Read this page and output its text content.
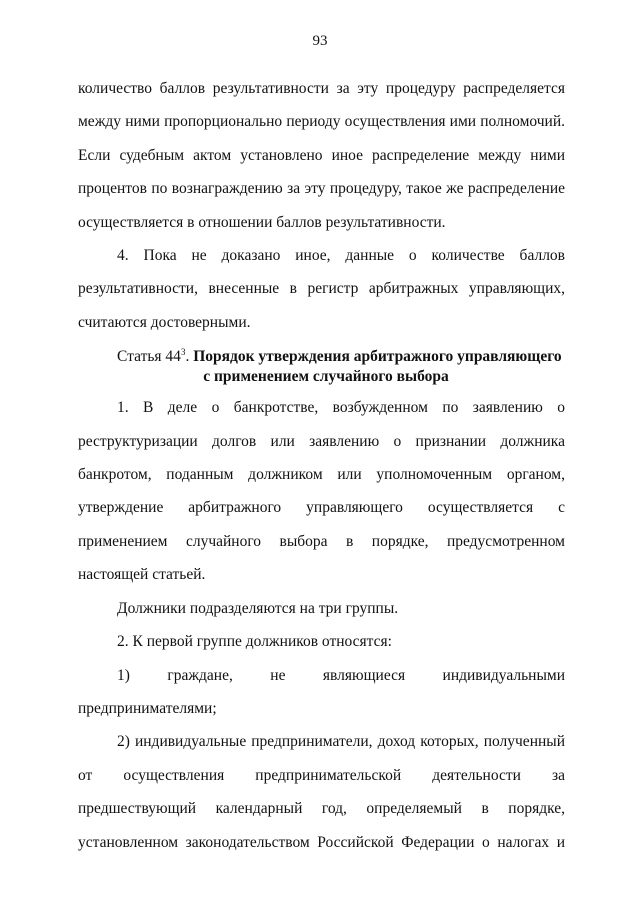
93

количество баллов результативности за эту процедуру распределяется между ними пропорционально периоду осуществления ими полномочий. Если судебным актом установлено иное распределение между ними процентов по вознаграждению за эту процедуру, такое же распределение осуществляется в отношении баллов результативности.

4. Пока не доказано иное, данные о количестве баллов результативности, внесенные в регистр арбитражных управляющих, считаются достоверными.

Статья $44^3$. Порядок утверждения арбитражного управляющего
с применением случайного выбора

1. В деле о банкротстве, возбужденном по заявлению о реструктуризации долгов или заявлению о признании должника банкротом, поданным должником или уполномоченным органом, утверждение арбитражного управляющего осуществляется с применением случайного выбора в порядке, предусмотренном настоящей статьей.

Должники подразделяются на три группы.

2. К первой группе должников относятся:

1) граждане, не являющиеся индивидуальными предпринимателями;

2) индивидуальные предприниматели, доход которых, полученный от осуществления предпринимательской деятельности за предшествующий календарный год, определяемый в порядке, установленном законодательством Российской Федерации о налогах и
